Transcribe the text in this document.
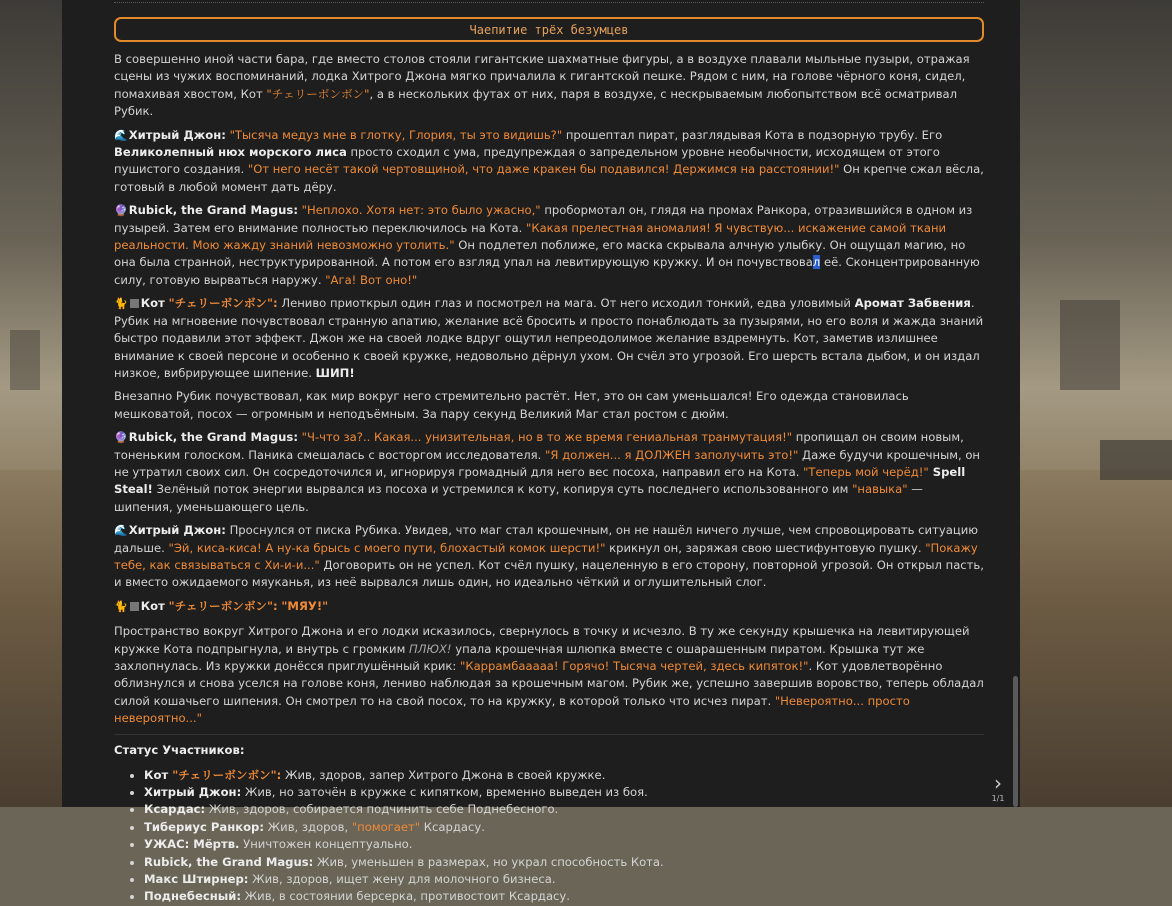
Чаепитие трёх безумцев

В совершенно иной части бара, где вместо столов стояли гигантские шахматные фигуры, а в воздухе плавали мыльные пузыри, отражая сцены из чужих воспоминаний, лодка Хитрого Джона мягко причалила к гигантской пешке. Рядом с ним, на голове чёрного коня, сидел, помахивая хвостом, Кот "チェリーボンボン", а в нескольких футах от них, паря в воздухе, с нескрываемым любопытством всё осматривал Рубик.

🌊Хитрый Джон: "Тысяча медуз мне в глотку, Глория, ты это видишь?" прошептал пират, разглядывая Кота в подзорную трубу. Его Великолепный нюх морского лиса просто сходил с ума, предупреждая о запредельном уровне необычности, исходящем от этого пушистого создания. "От него несёт такой чертовщиной, что даже кракен бы подавился! Держимся на расстоянии!" Он крепче сжал вёсла, готовый в любой момент дать дёру.

🔮Rubick, the Grand Magus: "Неплохо. Хотя нет: это было ужасно," пробормотал он, глядя на промах Ранкора, отразившийся в одном из пузырей. Затем его внимание полностью переключилось на Кота. "Какая прелестная аномалия! Я чувствую... искажение самой ткани реальности. Мою жажду знаний невозможно утолить." Он подлетел поближе, его маска скрывала алчную улыбку. Он ощущал магию, но она была странной, неструктурированной. А потом его взгляд упал на левитирующую кружку. И он почувствовал её. Сконцентрированную силу, готовую вырваться наружу. "Ага! Вот оно!"

🐈 Кот "チェリーボンボン": Лениво приоткрыл один глаз и посмотрел на мага. От него исходил тонкий, едва уловимый Аромат Забвения. Рубик на мгновение почувствовал странную апатию, желание всё бросить и просто понаблюдать за пузырями, но его воля и жажда знаний быстро подавили этот эффект. Джон же на своей лодке вдруг ощутил непреодолимое желание вздремнуть. Кот, заметив излишнее внимание к своей персоне и особенно к своей кружке, недовольно дёрнул ухом. Он счёл это угрозой. Его шерсть встала дыбом, и он издал низкое, вибрирующее шипение. ШИП!

Внезапно Рубик почувствовал, как мир вокруг него стремительно растёт. Нет, это он сам уменьшался! Его одежда становилась мешковатой, посох — огромным и неподъёмным. За пару секунд Великий Маг стал ростом с дюйм.

🔮Rubick, the Grand Magus: "Ч-что за?.. Какая... унизительная, но в то же время гениальная транмутация!" пропищал он своим новым, тоненьким голоском. Паника смешалась с восторгом исследователя. "Я должен... я ДОЛЖЕН заполучить это!" Даже будучи крошечным, он не утратил своих сил. Он сосредоточился и, игнорируя громадный для него вес посоха, направил его на Кота. "Теперь мой черёд!" Spell Steal! Зелёный поток энергии вырвался из посоха и устремился к коту, копируя суть последнего использованного им "навыка" — шипения, уменьшающего цель.

🌊Хитрый Джон: Проснулся от писка Рубика. Увидев, что маг стал крошечным, он не нашёл ничего лучше, чем спровоцировать ситуацию дальше. "Эй, киса-киса! А ну-ка брысь с моего пути, блохастый комок шерсти!" крикнул он, заряжая свою шестифунтовую пушку. "Покажу тебе, как связываться с Хи-и-и..." Договорить он не успел. Кот счёл пушку, нацеленную в его сторону, повторной угрозой. Он открыл пасть, и вместо ожидаемого мяуканья, из неё вырвался лишь один, но идеально чёткий и оглушительный слог.

🐈 Кот "チェリーボンボン": "МЯУ!"

Пространство вокруг Хитрого Джона и его лодки исказилось, свернулось в точку и исчезло. В ту же секунду крышечка на левитирующей кружке Кота подпрыгнула, и внутрь с громким ПЛЮХ! упала крошечная шлюпка вместе с ошарашенным пиратом. Крышка тут же захлопнулась. Из кружки донёсся приглушённый крик: "Каррамбааааа! Горячо! Тысяча чертей, здесь кипяток!". Кот удовлетворённо облизнулся и снова уселся на голове коня, лениво наблюдая за крошечным магом. Рубик же, успешно завершив воровство, теперь обладал силой кошачьего шипения. Он смотрел то на свой посох, то на кружку, в которой только что исчез пират. "Невероятно... просто невероятно..."

Статус Участников:
• Кот "チェリーボンボン": Жив, здоров, запер Хитрого Джона в своей кружке.
• Хитрый Джон: Жив, но заточён в кружке с кипятком, временно выведен из боя.
• Ксардас: Жив, здоров, собирается подчинить себе Поднебесного.
• Тибериус Ранкор: Жив, здоров, "помогает" Ксардасу.
• УЖАС: Мёртв. Уничтожен концептуально.
• Rubick, the Grand Magus: Жив, уменьшен в размерах, но украл способность Кота.
• Макс Штирнер: Жив, здоров, ищет жену для молочного бизнеса.
• Поднебесный: Жив, в состоянии берсерка, противостоит Ксардасу.
›
1/1
